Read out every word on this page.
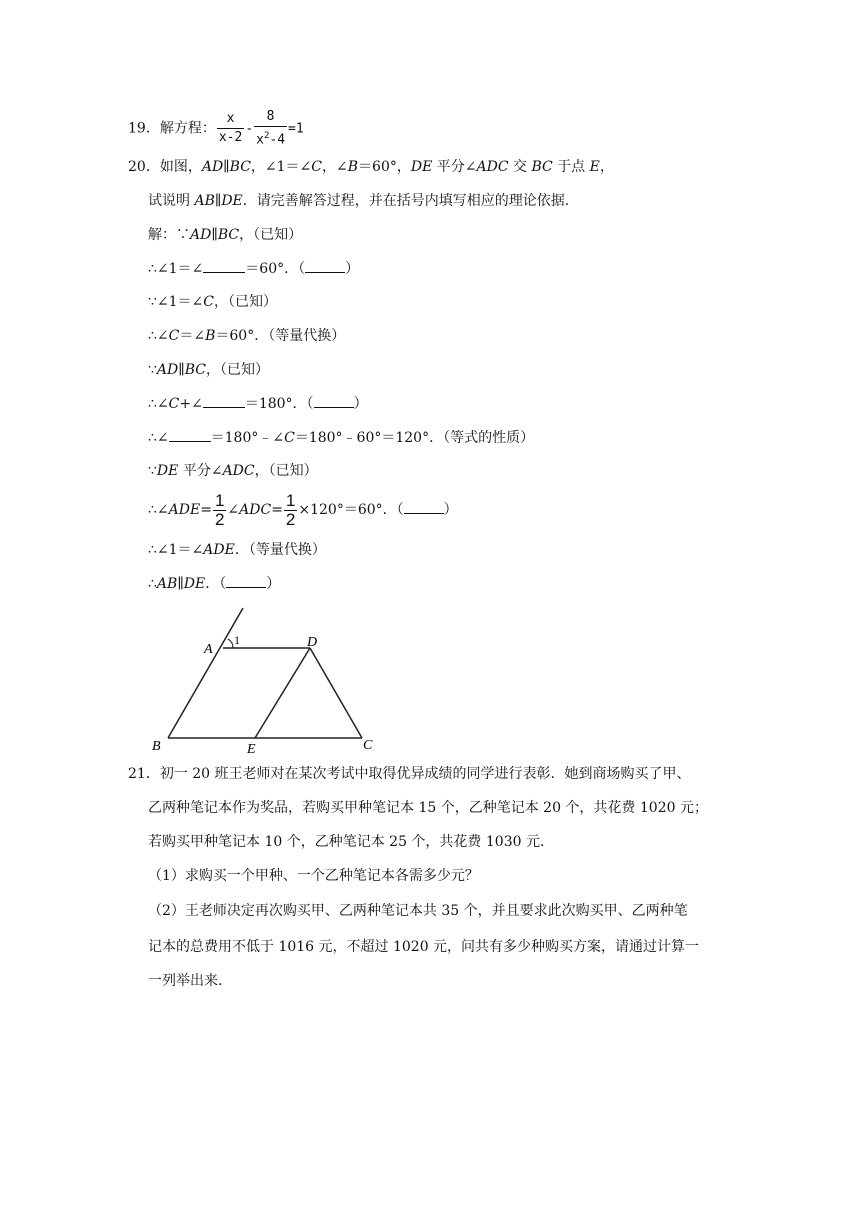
19．解方程： $\frac{x}{x-2} - \frac{8}{x^2-4} =1$
20．如图，AD∥BC，∠1＝∠C，∠B＝60°，DE 平分∠ADC 交 BC 于点 E，
试说明 AB∥DE．请完善解答过程，并在括号内填写相应的理论依据．
解：∵AD∥BC，（已知）
∴∠1＝∠	＝60°．（	）
∵∠1＝∠C，（已知）
∴∠C＝∠B＝60°．（等量代换）
∵AD∥BC，（已知）
∴∠C+∠	＝180°．（	）
∴∠	＝180°﹣∠C＝180°﹣60°＝120°．（等式的性质）
∵DE 平分∠ADC，（已知）
∴∠ADE= $\frac{1}{2}$ ∠ADC= $\frac{1}{2} \times 120^\circ=60^\circ$．（	）
∴∠1＝∠ADE．（等量代换）
∴AB∥DE．（	）
A
1	D
B	E	C
21．初一 20 班王老师对在某次考试中取得优异成绩的同学进行表彰．她到商场购买了甲、
乙两种笔记本作为奖品，若购买甲种笔记本 15 个，乙种笔记本 20 个，共花费 1020 元；
若购买甲种笔记本 10 个，乙种笔记本 25 个，共花费 1030 元．
（1）求购买一个甲种、一个乙种笔记本各需多少元？
（2）王老师决定再次购买甲、乙两种笔记本共 35 个，并且要求此次购买甲、乙两种笔
记本的总费用不低于 1016 元，不超过 1020 元，问共有多少种购买方案，请通过计算一
一列举出来．
